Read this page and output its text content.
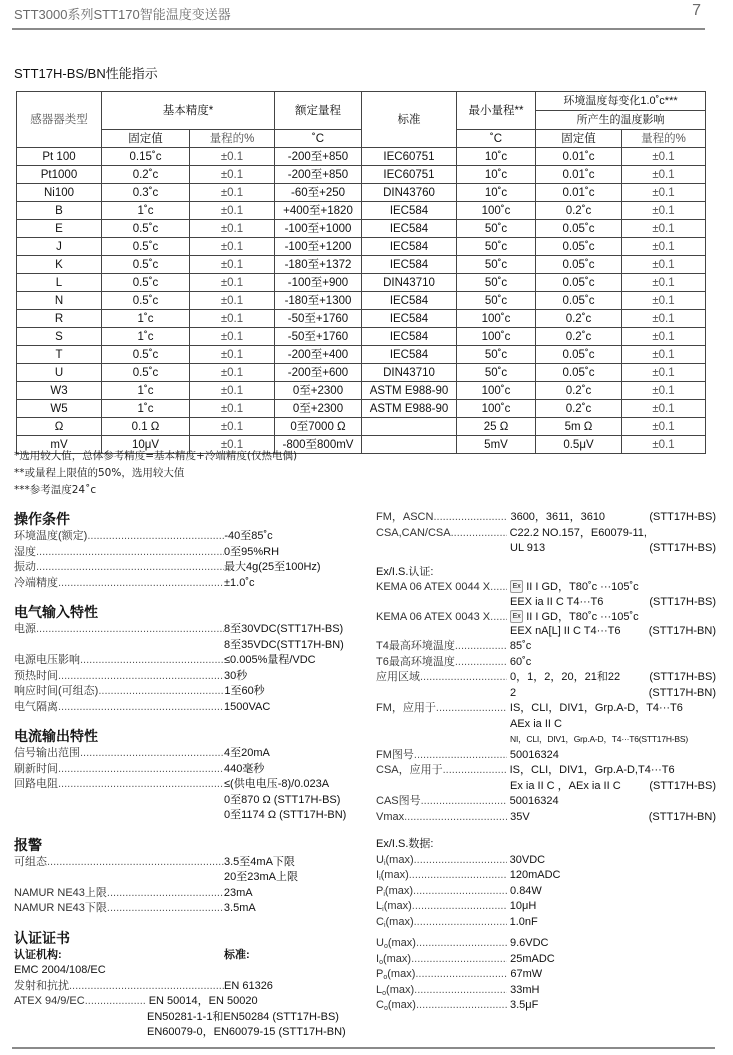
STT3000系列STT170智能温度变送器	7
STT17H-BS/BN性能指示
感器器类型	基本精度*		额定量程	标准	最小量程**	环境温度每变化1.0˚c***	
						所产生的温度影响	
	固定值	量程的%	˚C		˚C	固定值	量程的%
Pt 100	0.15˚c	±0.1	-200至+850	IEC60751	10˚c	0.01˚c	±0.1
Pt1000	0.2˚c	±0.1	-200至+850	IEC60751	10˚c	0.01˚c	±0.1
Ni100	0.3˚c	±0.1	-60至+250	DIN43760	10˚c	0.01˚c	±0.1
B	1˚c	±0.1	+400至+1820	IEC584	100˚c	0.2˚c	±0.1
E	0.5˚c	±0.1	-100至+1000	IEC584	50˚c	0.05˚c	±0.1
J	0.5˚c	±0.1	-100至+1200	IEC584	50˚c	0.05˚c	±0.1
K	0.5˚c	±0.1	-180至+1372	IEC584	50˚c	0.05˚c	±0.1
L	0.5˚c	±0.1	-100至+900	DIN43710	50˚c	0.05˚c	±0.1
N	0.5˚c	±0.1	-180至+1300	IEC584	50˚c	0.05˚c	±0.1
R	1˚c	±0.1	-50至+1760	IEC584	100˚c	0.2˚c	±0.1
S	1˚c	±0.1	-50至+1760	IEC584	100˚c	0.2˚c	±0.1
T	0.5˚c	±0.1	-200至+400	IEC584	50˚c	0.05˚c	±0.1
U	0.5˚c	±0.1	-200至+600	DIN43710	50˚c	0.05˚c	±0.1
W3	1˚c	±0.1	0至+2300	ASTM E988-90	100˚c	0.2˚c	±0.1
W5	1˚c	±0.1	0至+2300	ASTM E988-90	100˚c	0.2˚c	±0.1
Ω	0.1 Ω	±0.1	0至7000 Ω		25 Ω	5m Ω	±0.1
mV	10μV	±0.1	-800至800mV		5mV	0.5μV	±0.1
*选用较大值，总体参考精度=基本精度+冷端精度(仅热电偶)
**或量程上限值的50%，选用较大值
***参考温度24˚c
操作条件
环境温度(额定) .....	-40至85˚c
湿度 .....	0至95%RH
振动 .....	最大4g(25至100Hz)
冷端精度 .....	±1.0˚c
电气输入特性
电源 .....	8至30VDC(STT17H-BS)
8至35VDC(STT17H-BN)
电源电压影响 .....	≤0.005%量程/VDC
预热时间 .....	30秒
响应时间(可组态) .....	1至60秒
电气隔离 .....	1500VAC
电流输出特性
信号输出范围 .....	4至20mA
刷新时间 .....	440毫秒
回路电阻 .....	≤(供电电压-8)/0.023A
0至870 Ω (STT17H-BS)
0至1174 Ω (STT17H-BN)
报警
可组态 .....	3.5至4mA下限
20至23mA上限
NAMUR NE43上限 .....	23mA
NAMUR NE43下限 .....	3.5mA
认证证书
认证机构:	标准:
EMC 2004/108/EC
发射和抗扰 .....	EN 61326
ATEX 94/9/EC .....	EN 50014，EN 50020
EN50281-1-1和EN50284 (STT17H-BS)
EN60079-0，EN60079-15 (STT17H-BN)
FM，ASCN .....	3600，3611，3610	(STT17H-BS)
CSA,CAN/CSA .....	C22.2 NO.157，E60079-11,
UL 913	(STT17H-BS)
Ex/I.S.认证:
KEMA 06 ATEX 0044 X .....	Ex
II I GD，T80˚c ···105˚c
EEX ia II C T4···T6	(STT17H-BS)
KEMA 06 ATEX 0043 X .....	Ex
II I GD，T80˚c ···105˚c
EEX nA[L] II C T4···T6	(STT17H-BN)
T4最高环境温度 .....	85˚c
T6最高环境温度 .....	60˚c
应用区域 .....	0，1，2，20，21和22	(STT17H-BS)
2	(STT17H-BN)
FM，应用于 .....	IS，CLI，DIV1，Grp.A-D，T4···T6
AEx ia II C
NI，CLI，DIV1，Grp.A-D，T4···T6(STT17H-BS)
FM图号 .....	50016324
CSA，应用于 .....	IS，CLI，DIV1，Grp.A-D,T4···T6
Ex ia II C ，AEx ia II C	(STT17H-BS)
CAS图号 .....	50016324
Vmax .....	35V	(STT17H-BN)
Ex/I.S.数据:
$U_i(\max)$ .....	30VDC
$I_i(\max)$ .....	120mADC
$P_i(\max)$ .....	0.84W
$L_i(\max)$ .....	10μH
$C_i(\max)$ .....	1.0nF
$U_o(\max)$ .....	9.6VDC
$I_o(\max)$ .....	25mADC
$P_o(\max)$ .....	67mW
$L_o(\max)$ .....	33mH
$C_o(\max)$ .....	3.5μF
